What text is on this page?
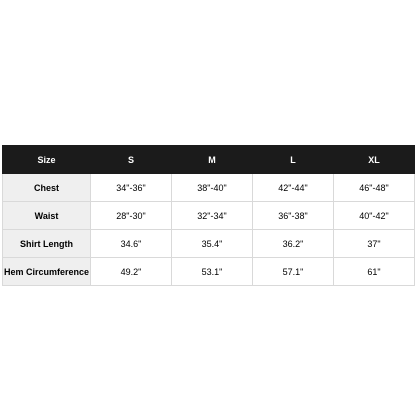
Size	S	M	L	XL
Chest	34"-36"	38"-40"	42"-44"	46"-48"
Waist	28"-30"	32"-34"	36"-38"	40"-42"
Shirt Length	34.6"	35.4"	36.2"	37"
Hem Circumference	49.2"	53.1"	57.1"	61"
